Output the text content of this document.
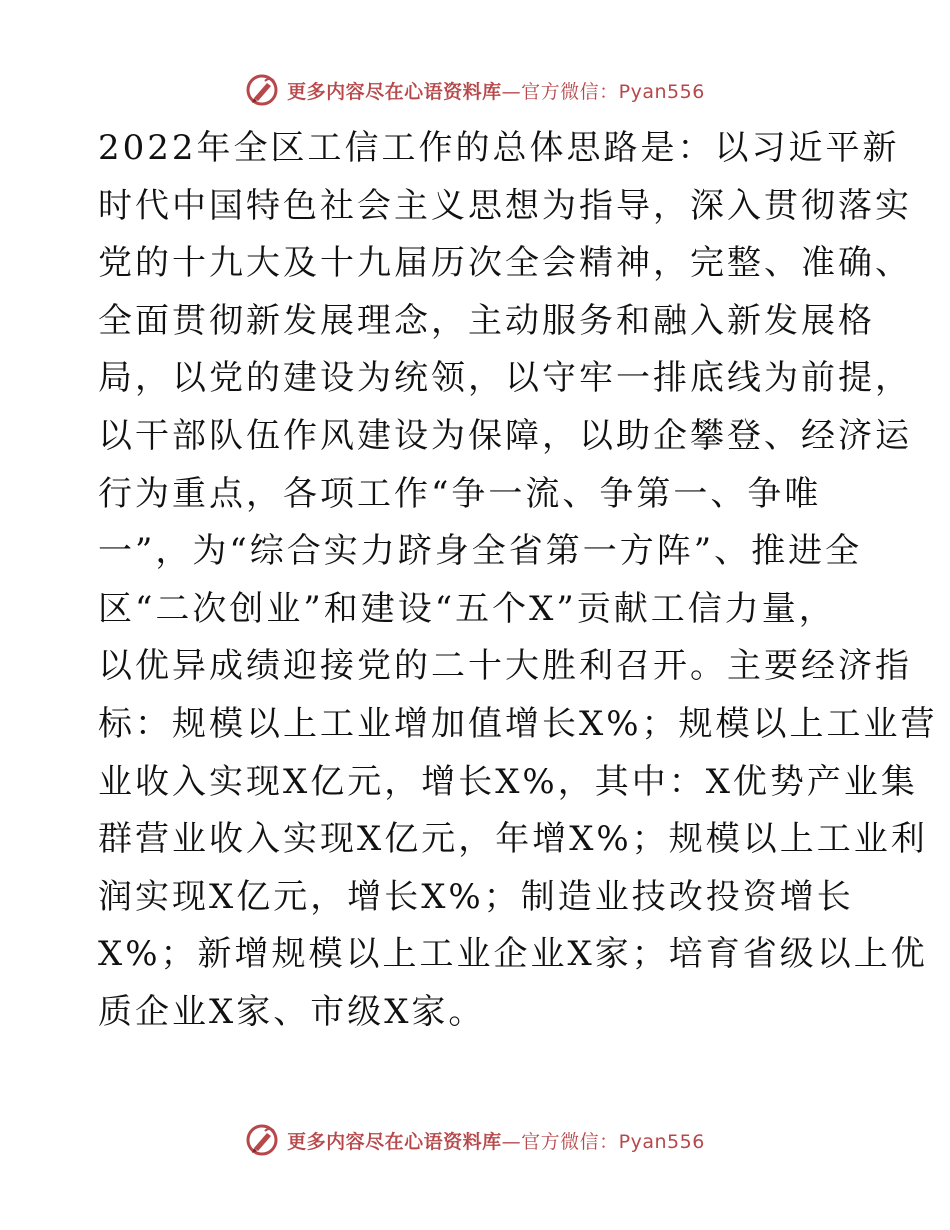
更多内容尽在心语资料库—官方微信：Pyan556
2022年全区工信工作的总体思路是：以习近平新
时代中国特色社会主义思想为指导，深入贯彻落实
党的十九大及十九届历次全会精神，完整、准确、
全面贯彻新发展理念，主动服务和融入新发展格
局，以党的建设为统领，以守牢一排底线为前提，
以干部队伍作风建设为保障，以助企攀登、经济运
行为重点，各项工作“争一流、争第一、争唯
一”，为“综合实力跻身全省第一方阵”、推进全
区“二次创业”和建设“五个X”贡献工信力量，
以优异成绩迎接党的二十大胜利召开。主要经济指
标：规模以上工业增加值增长X%；规模以上工业营
业收入实现X亿元，增长X%，其中：X优势产业集
群营业收入实现X亿元，年增X%；规模以上工业利
润实现X亿元，增长X%；制造业技改投资增长
X%；新增规模以上工业企业X家；培育省级以上优
质企业X家、市级X家。
更多内容尽在心语资料库—官方微信：Pyan556
